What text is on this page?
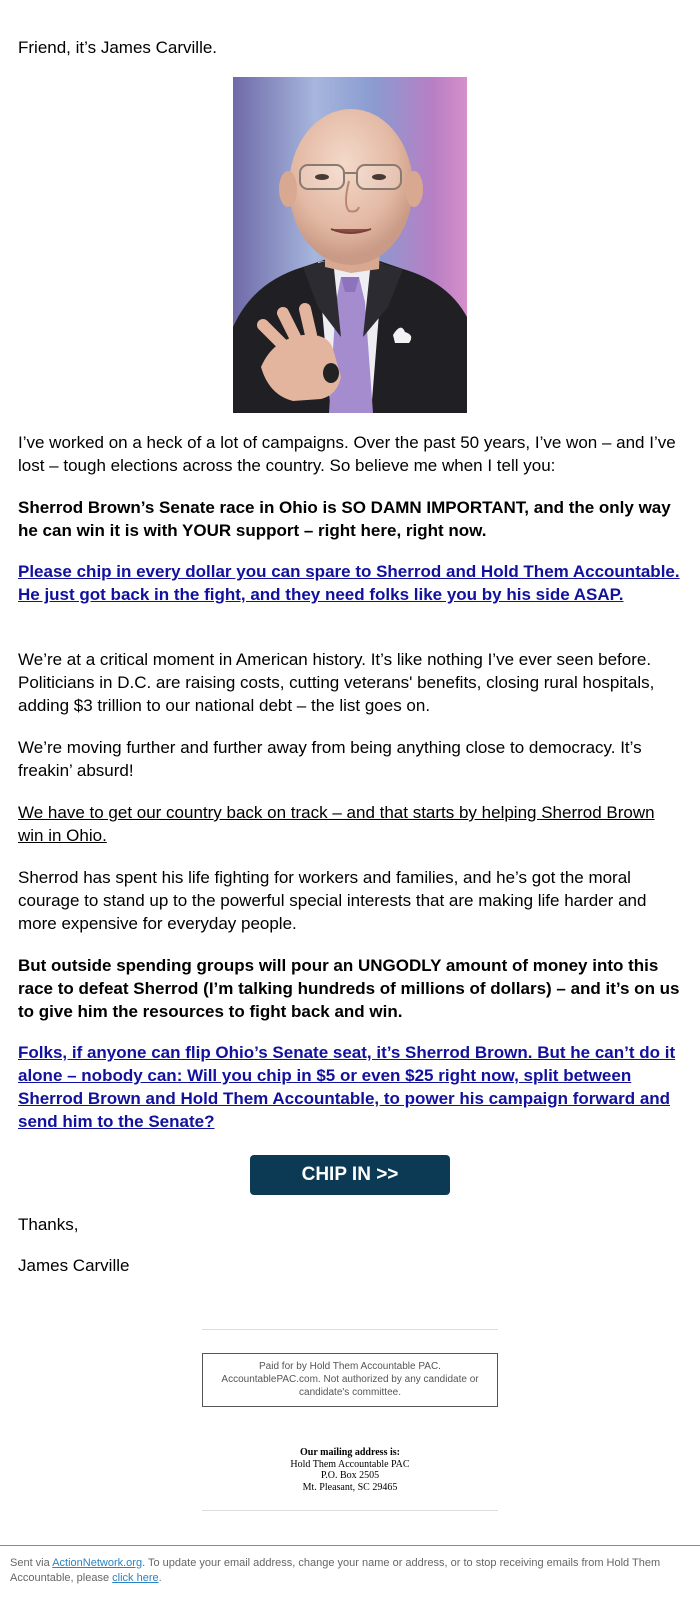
Friend, it’s James Carville.

I’ve worked on a heck of a lot of campaigns. Over the past 50 years, I’ve won – and I’ve lost – tough elections across the country. So believe me when I tell you:

Sherrod Brown’s Senate race in Ohio is SO DAMN IMPORTANT, and the only way he can win it is with YOUR support – right here, right now.

Please chip in every dollar you can spare to Sherrod and Hold Them Accountable. He just got back in the fight, and they need folks like you by his side ASAP.

We’re at a critical moment in American history. It’s like nothing I’ve ever seen before. Politicians in D.C. are raising costs, cutting veterans' benefits, closing rural hospitals, adding $3 trillion to our national debt – the list goes on.

We’re moving further and further away from being anything close to democracy. It’s freakin’ absurd!

We have to get our country back on track – and that starts by helping Sherrod Brown win in Ohio.

Sherrod has spent his life fighting for workers and families, and he’s got the moral courage to stand up to the powerful special interests that are making life harder and more expensive for everyday people.

But outside spending groups will pour an UNGODLY amount of money into this race to defeat Sherrod (I’m talking hundreds of millions of dollars) – and it’s on us to give him the resources to fight back and win.

Folks, if anyone can flip Ohio’s Senate seat, it’s Sherrod Brown. But he can’t do it alone – nobody can: Will you chip in $5 or even $25 right now, split between Sherrod Brown and Hold Them Accountable, to power his campaign forward and send him to the Senate?

CHIP IN >>

Thanks,

James Carville

Paid for by Hold Them Accountable PAC.
AccountablePAC.com. Not authorized by any candidate or candidate's committee.
Our mailing address is:
Hold Them Accountable PAC
P.O. Box 2505
Mt. Pleasant, SC 29465
Sent via ActionNetwork.org. To update your email address, change your name or address, or to stop receiving emails from Hold Them Accountable, please click here.
